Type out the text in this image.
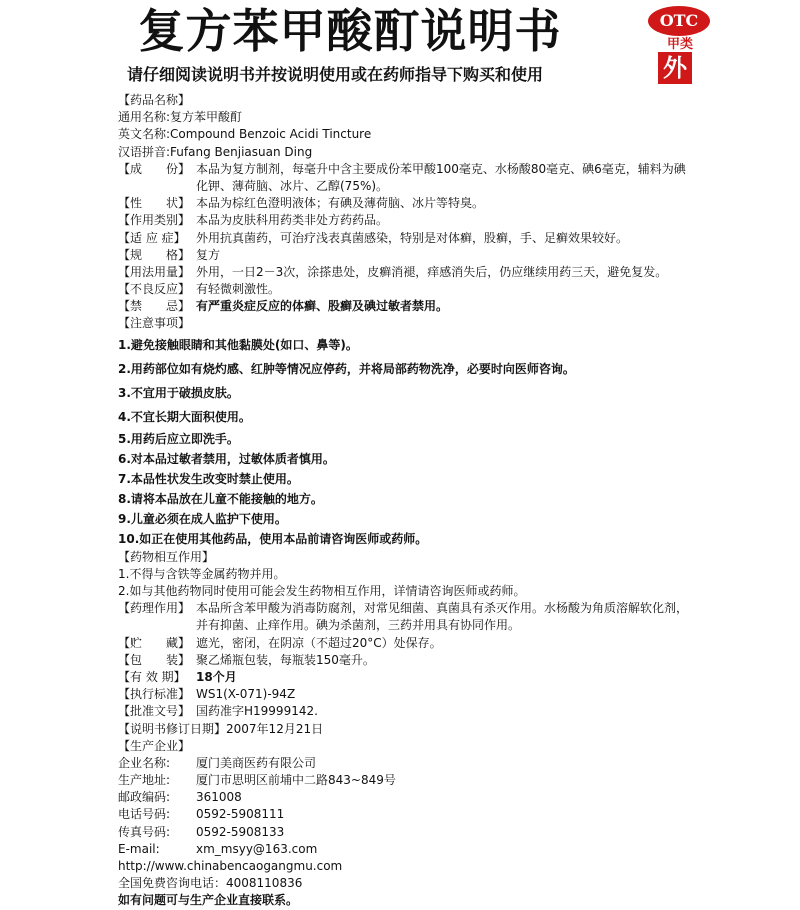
复方苯甲酸酊说明书	OTC
甲类
外
请仔细阅读说明书并按说明使用或在药师指导下购买和使用
【药品名称】
通用名称:复方苯甲酸酊
英文名称:Compound Benzoic Acidi Tincture
汉语拼音:Fufang Benjiasuan Ding
【成　　份】 本品为复方制剂，每毫升中含主要成份苯甲酸100毫克、水杨酸80毫克、碘6毫克，辅料为碘
化钾、薄荷脑、冰片、乙醇(75%)。
【性　　状】 本品为棕红色澄明液体；有碘及薄荷脑、冰片等特臭。
【作用类别】 本品为皮肤科用药类非处方药药品。
【适 应 症】 外用抗真菌药，可治疗浅表真菌感染，特别是对体癣，股癣，手、足癣效果较好。
【规　　格】 复方
【用法用量】 外用，一日2－3次，涂搽患处，皮癣消褪，痒感消失后，仍应继续用药三天，避免复发。
【不良反应】 有轻微刺激性。
【禁　　忌】 有严重炎症反应的体癣、股癣及碘过敏者禁用。
【注意事项】
1.避免接触眼睛和其他黏膜处(如口、鼻等)。
2.用药部位如有烧灼感、红肿等情况应停药，并将局部药物洗净，必要时向医师咨询。
3.不宜用于破损皮肤。
4.不宜长期大面积使用。
5.用药后应立即洗手。
6.对本品过敏者禁用，过敏体质者慎用。
7.本品性状发生改变时禁止使用。
8.请将本品放在儿童不能接触的地方。
9.儿童必须在成人监护下使用。
10.如正在使用其他药品，使用本品前请咨询医师或药师。
【药物相互作用】
1.不得与含铁等金属药物并用。
2.如与其他药物同时使用可能会发生药物相互作用，详情请咨询医师或药师。
【药理作用】 本品所含苯甲酸为消毒防腐剂，对常见细菌、真菌具有杀灭作用。水杨酸为角质溶解软化剂，
并有抑菌、止痒作用。碘为杀菌剂，三药并用具有协同作用。
【贮　　藏】 遮光，密闭，在阴凉（不超过20°C）处保存。
【包　　装】 聚乙烯瓶包装，每瓶装150毫升。
【有 效 期】 18个月
【执行标准】 WS1(X-071)-94Z
【批准文号】 国药准字H19999142.
【说明书修订日期】2007年12月21日
【生产企业】
企业名称: 厦门美商医药有限公司
生产地址: 厦门市思明区前埔中二路843~849号
邮政编码: 361008
电话号码: 0592-5908111
传真号码: 0592-5908133
E-mail:	xm_msyy@163.com
http://www.chinabencaogangmu.com
全国免费咨询电话：4008110836
如有问题可与生产企业直接联系。
